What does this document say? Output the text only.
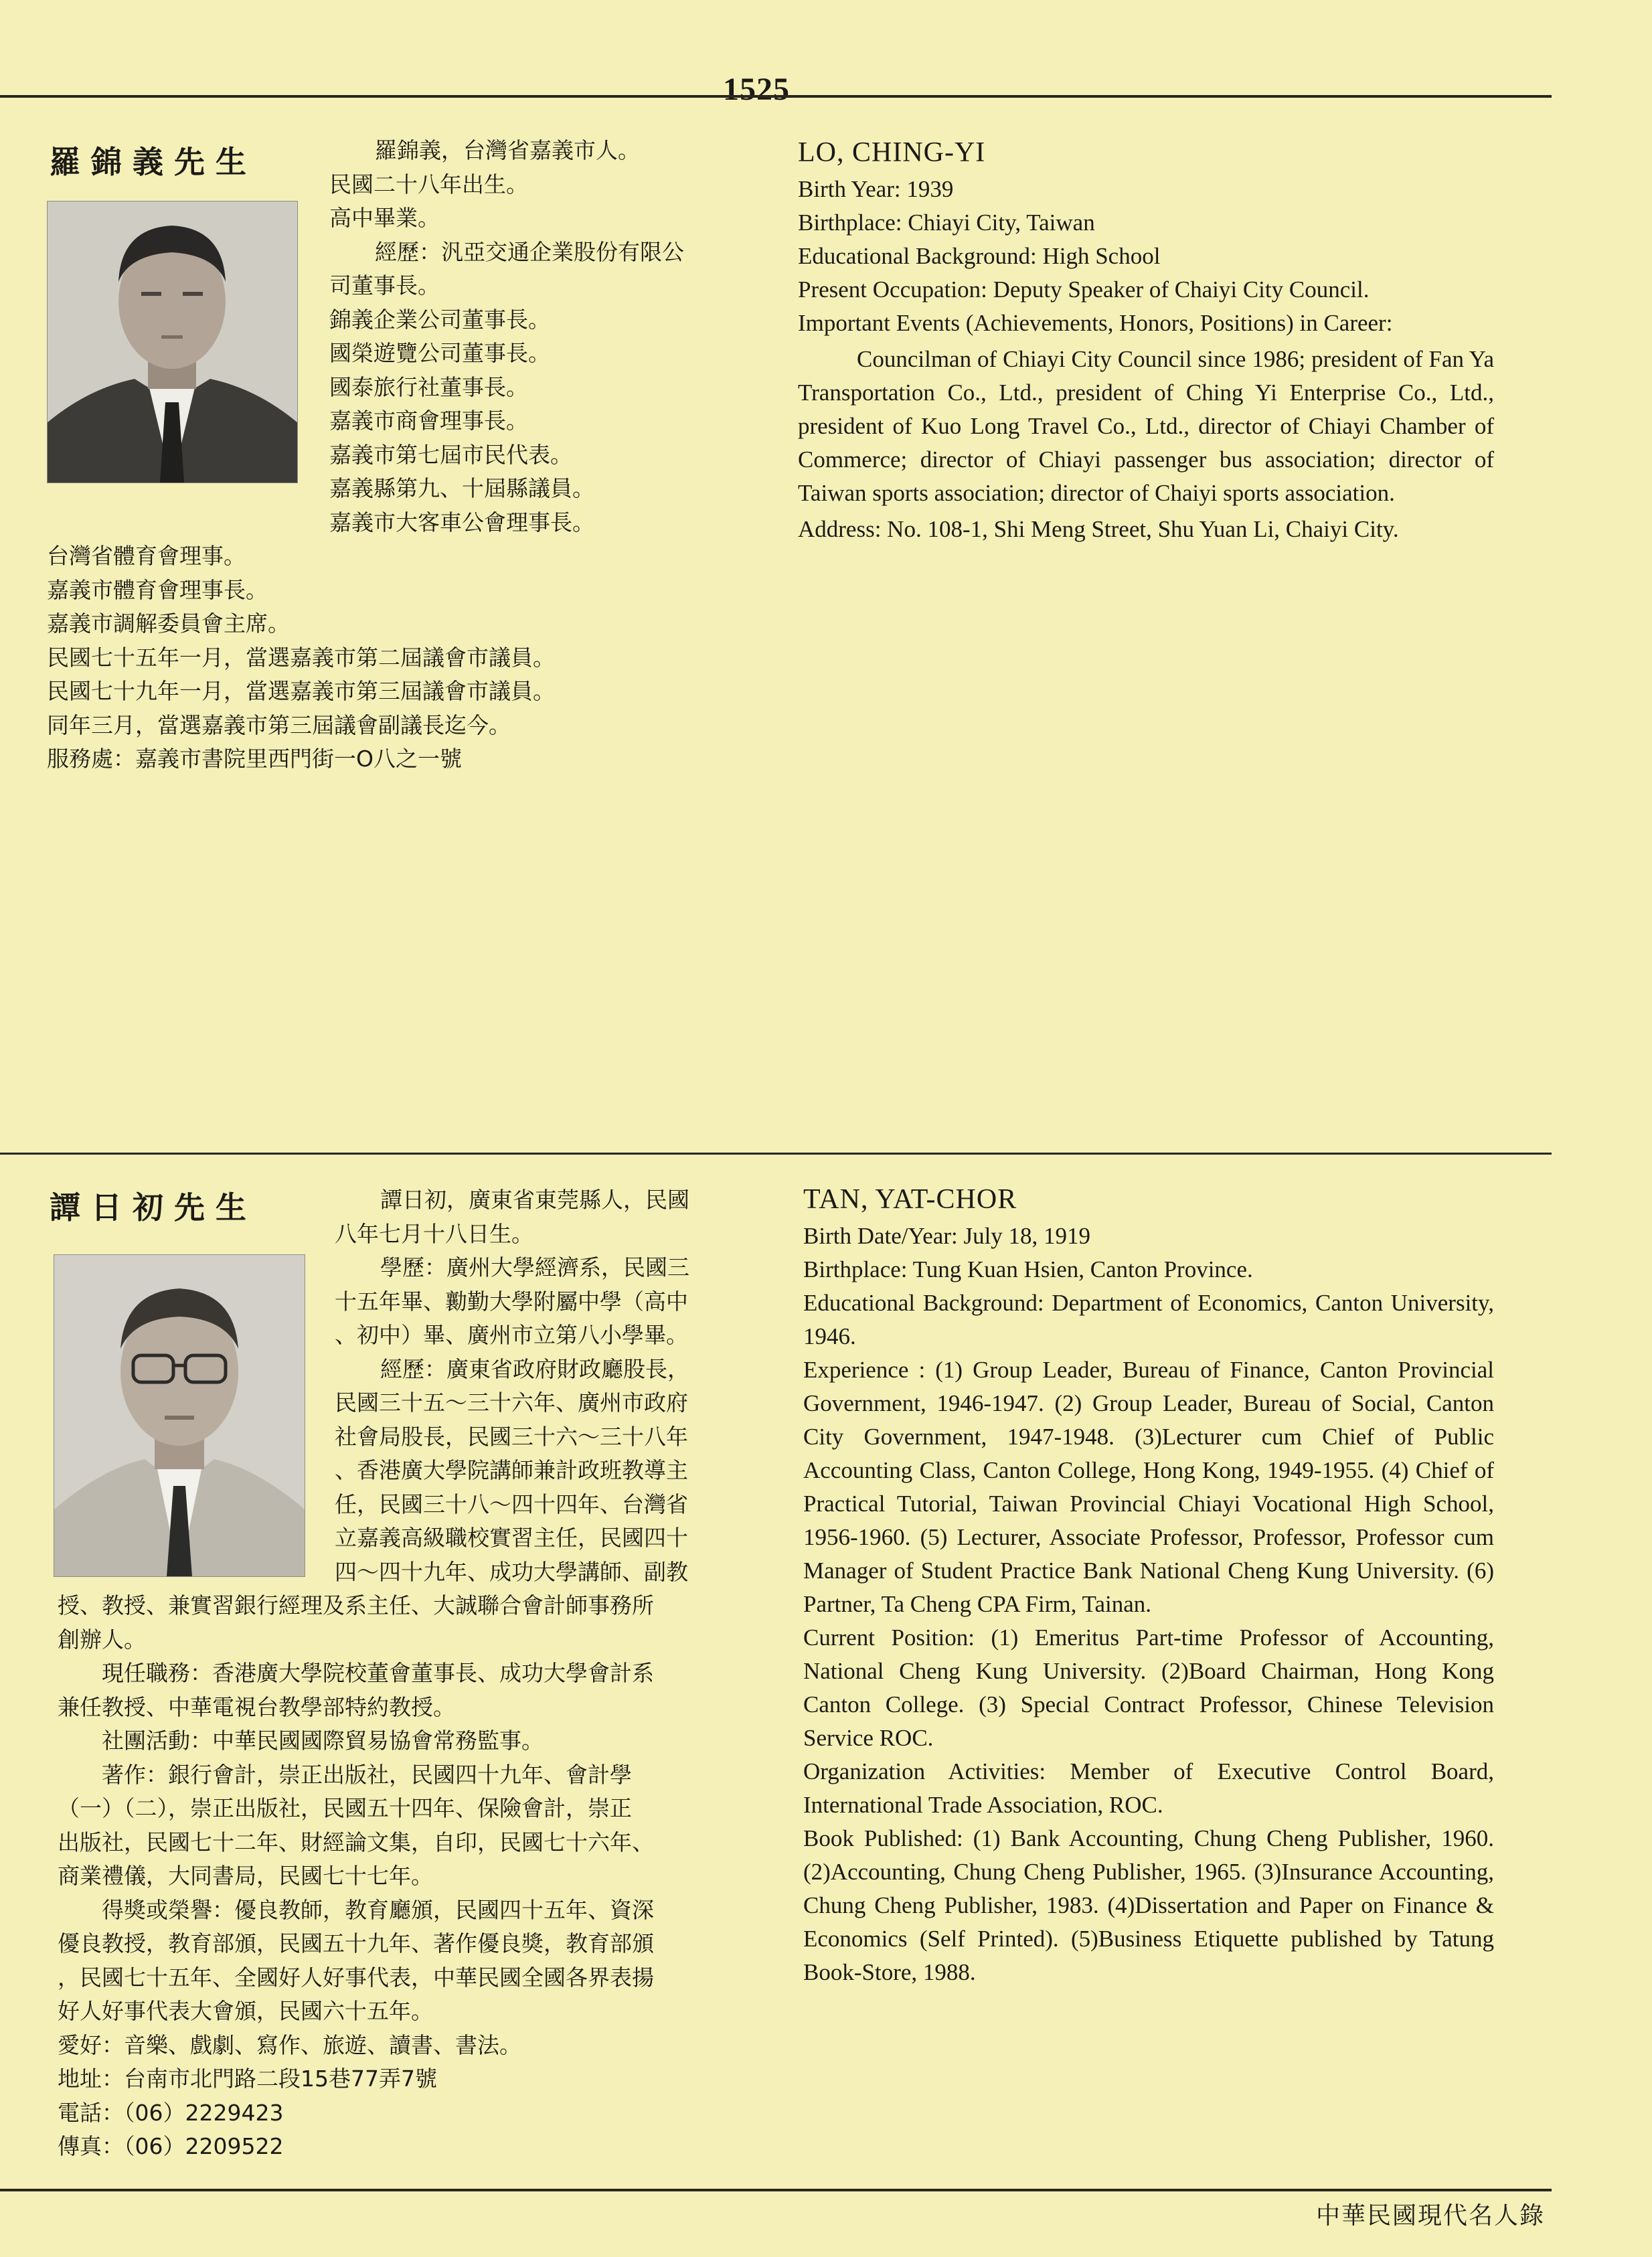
1525
羅錦義先生	羅錦義，台灣省嘉義市人。
民國二十八年出生。
高中畢業。
經歷：汎亞交通企業股份有限公
司董事長。
錦義企業公司董事長。
國榮遊覽公司董事長。
國泰旅行社董事長。
嘉義市商會理事長。
嘉義市第七屆市民代表。
嘉義縣第九、十屆縣議員。
嘉義市大客車公會理事長。
台灣省體育會理事。
嘉義市體育會理事長。
嘉義市調解委員會主席。
民國七十五年一月，當選嘉義市第二屆議會市議員。
民國七十九年一月，當選嘉義市第三屆議會市議員。
同年三月，當選嘉義市第三屆議會副議長迄今。
服務處：嘉義市書院里西門街一O八之一號
LO, CHING-YI
Birth Year: 1939
Birthplace: Chiayi City, Taiwan
Educational Background: High School
Present Occupation: Deputy Speaker of Chaiyi City Council.
Important Events (Achievements, Honors, Positions) in Career:
Councilman of Chiayi City Council since 1986; president of Fan Ya Transportation Co., Ltd., president of Ching Yi Enterprise Co., Ltd., president of Kuo Long Travel Co., Ltd., director of Chiayi Chamber of Commerce; director of Chiayi passenger bus association; director of Taiwan sports association; director of Chaiyi sports association.
Address: No. 108-1, Shi Meng Street, Shu Yuan Li, Chaiyi City.
譚日初先生	譚日初，廣東省東莞縣人，民國
八年七月十八日生。
學歷：廣州大學經濟系，民國三
十五年畢、勷勤大學附屬中學（高中
、初中）畢、廣州市立第八小學畢。
經歷：廣東省政府財政廳股長，
民國三十五～三十六年、廣州市政府
社會局股長，民國三十六～三十八年
、香港廣大學院講師兼計政班教導主
任，民國三十八～四十四年、台灣省
立嘉義高級職校實習主任，民國四十
四～四十九年、成功大學講師、副教
授、教授、兼實習銀行經理及系主任、大誠聯合會計師事務所
創辦人。
現任職務：香港廣大學院校董會董事長、成功大學會計系
兼任教授、中華電視台教學部特約教授。
社團活動：中華民國國際貿易協會常務監事。
著作：銀行會計，崇正出版社，民國四十九年、會計學
（一）（二），崇正出版社，民國五十四年、保險會計，崇正
出版社，民國七十二年、財經論文集，自印，民國七十六年、
商業禮儀，大同書局，民國七十七年。
得獎或榮譽：優良教師，教育廳頒，民國四十五年、資深
優良教授，教育部頒，民國五十九年、著作優良獎，教育部頒
，民國七十五年、全國好人好事代表，中華民國全國各界表揚
好人好事代表大會頒，民國六十五年。
愛好：音樂、戲劇、寫作、旅遊、讀書、書法。
地址：台南市北門路二段15巷77弄7號
電話：（06）2229423
傳真：（06）2209522
TAN, YAT-CHOR
Birth Date/Year: July 18, 1919
Birthplace: Tung Kuan Hsien, Canton Province.
Educational Background: Department of Economics, Canton University, 1946.
Experience : (1) Group Leader, Bureau of Finance, Canton Provincial Government, 1946-1947. (2) Group Leader, Bureau of Social, Canton City Government, 1947-1948. (3)Lecturer cum Chief of Public Accounting Class, Canton College, Hong Kong, 1949-1955. (4) Chief of Practical Tutorial, Taiwan Provincial Chiayi Vocational High School, 1956-1960. (5) Lecturer, Associate Professor, Professor, Professor cum Manager of Student Practice Bank National Cheng Kung University. (6) Partner, Ta Cheng CPA Firm, Tainan.
Current Position: (1) Emeritus Part-time Professor of Accounting, National Cheng Kung University. (2)Board Chairman, Hong Kong Canton College. (3) Special Contract Professor, Chinese Television Service ROC.
Organization Activities: Member of Executive Control Board, International Trade Association, ROC.
Book Published: (1) Bank Accounting, Chung Cheng Publisher, 1960. (2)Accounting, Chung Cheng Publisher, 1965. (3)Insurance Accounting, Chung Cheng Publisher, 1983. (4)Dissertation and Paper on Finance & Economics (Self Printed). (5)Business Etiquette published by Tatung Book-Store, 1988.
中華民國現代名人錄
